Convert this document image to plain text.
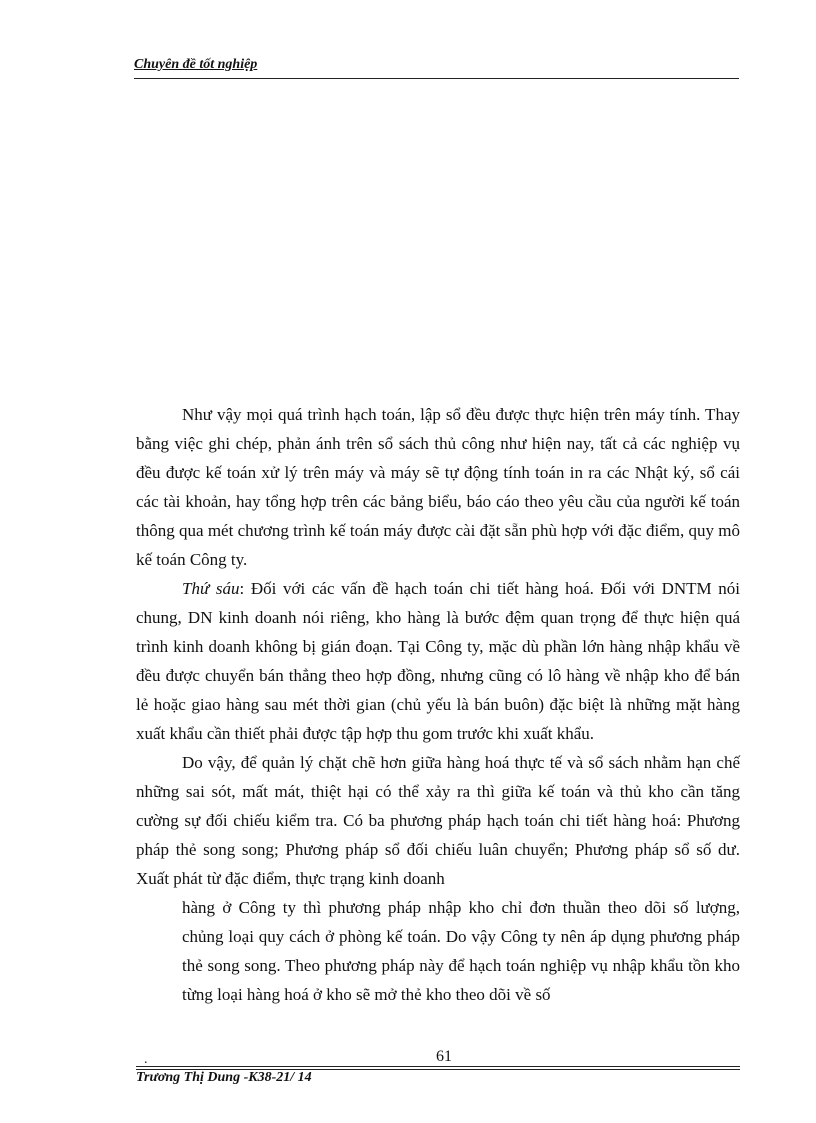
Chuyên đề tốt nghiệp

Như vậy mọi quá trình hạch toán, lập sổ đều được thực hiện trên máy tính. Thay bằng việc ghi chép, phản ánh trên sổ sách thủ công như hiện nay, tất cả các nghiệp vụ đều được kế toán xử lý trên máy và máy sẽ tự động tính toán in ra các Nhật ký, sổ cái các tài khoản, hay tổng hợp trên các bảng biểu, báo cáo theo yêu cầu của người kế toán thông qua mét chương trình kế toán máy được cài đặt sẵn phù hợp với đặc điểm, quy mô kế toán Công ty.

Thứ sáu: Đối với các vấn đề hạch toán chi tiết hàng hoá. Đối với DNTM nói chung, DN kinh doanh nói riêng, kho hàng là bước đệm quan trọng để thực hiện quá trình kinh doanh không bị gián đoạn. Tại Công ty, mặc dù phần lớn hàng nhập khẩu về đều được chuyển bán thẳng theo hợp đồng, nhưng cũng có lô hàng về nhập kho để bán lẻ hoặc giao hàng sau mét thời gian (chủ yếu là bán buôn) đặc biệt là những mặt hàng xuất khẩu cần thiết phải được tập hợp thu gom trước khi xuất khẩu.

Do vậy, để quản lý chặt chẽ hơn giữa hàng hoá thực tế và sổ sách nhằm hạn chế những sai sót, mất mát, thiệt hại có thể xảy ra thì giữa kế toán và thủ kho cần tăng cường sự đối chiếu kiểm tra. Có ba phương pháp hạch toán chi tiết hàng hoá: Phương pháp thẻ song song; Phương pháp sổ đối chiếu luân chuyển; Phương pháp sổ số dư. Xuất phát từ đặc điểm, thực trạng kinh doanh

hàng ở Công ty thì phương pháp nhập kho chỉ đơn thuần theo dõi số lượng, chủng loại quy cách ở phòng kế toán. Do vậy Công ty nên áp dụng phương pháp thẻ song song. Theo phương pháp này để hạch toán nghiệp vụ nhập khẩu tồn kho từng loại hàng hoá ở kho sẽ mở thẻ kho theo dõi về số

.	61
Trương Thị Dung -K38-21/ 14
